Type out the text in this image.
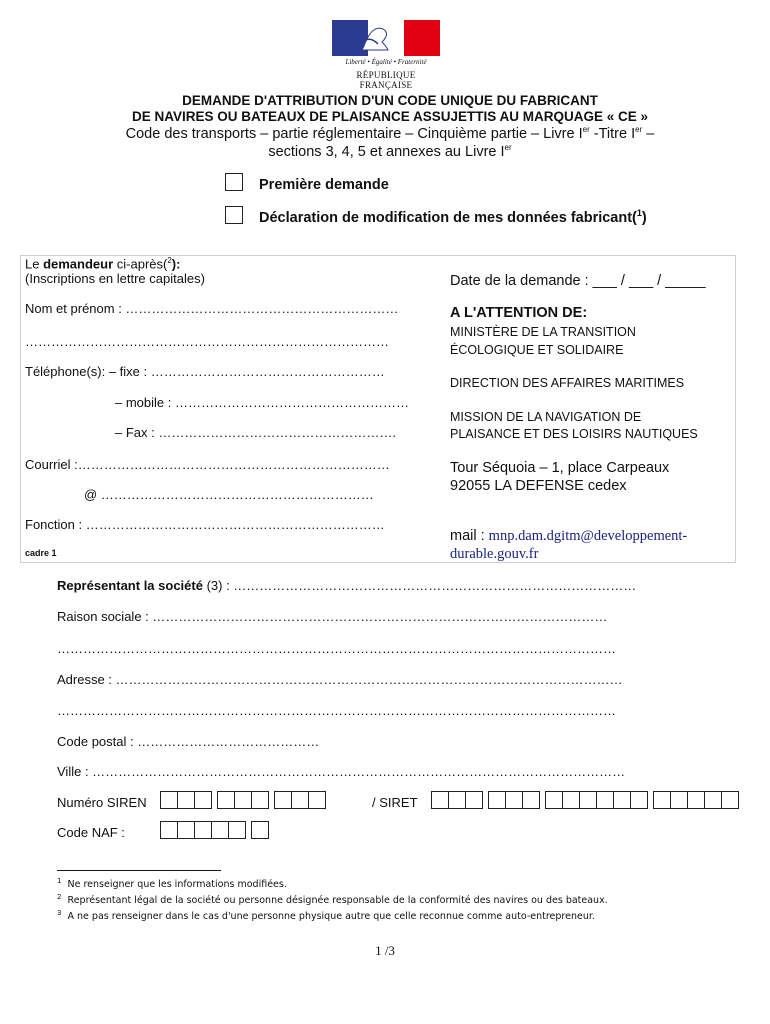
Liberté • Égalité • Fraternité
RÉPUBLIQUE FRANÇAISE
DEMANDE D'ATTRIBUTION D'UN CODE UNIQUE DU FABRICANT
DE NAVIRES OU BATEAUX DE PLAISANCE ASSUJETTIS AU MARQUAGE « CE »
Code des transports – partie réglementaire – Cinquième partie – Livre Ier -Titre Ier –
sections 3, 4, 5 et annexes au Livre Ier
Première demande
Déclaration de modification de mes données fabricant($^1$)
Le demandeur ci-après($^2$):
(Inscriptions en lettre capitales)
Nom et prénom : ………………………………………………………
…………………………………………………………………………
Téléphone(s): – fixe : ………………………………………………
– mobile : ………………………………………………
– Fax : ……………………………………………….
Courriel :………………………………………………………………
@ ………………………………………………………
Fonction : ……………………………………………………………
cadre 1
Date de la demande : ___ / ___ / _____
A L'ATTENTION DE:
MINISTÈRE DE LA TRANSITION
ÉCOLOGIQUE ET SOLIDAIRE
DIRECTION DES AFFAIRES MARITIMES
MISSION DE LA NAVIGATION DE
PLAISANCE ET DES LOISIRS NAUTIQUES
Tour Séquoia – 1, place Carpeaux
92055 LA DEFENSE cedex
mail : mnp.dam.dgitm@developpement-
durable.gouv.fr
Représentant la société (3) : …………………………………………………………………………………
Raison sociale : ……………………………………………………………………………………………
…………………………………………………………………………………………………………………
Adresse : ………………………………………………………………………………………………………
…………………………………………………………………………………………………………………
Code postal : ……………………………………
Ville : ……………………………………………………………………………………………………………
Numéro SIREN	/ SIRET
Code NAF :
$^1$ Ne renseigner que les informations modifiées.
$^2$ Représentant légal de la société ou personne désignée responsable de la conformité des navires ou des bateaux.
$^3$ A ne pas renseigner dans le cas d'une personne physique autre que celle reconnue comme auto-entrepreneur.
1 /3
